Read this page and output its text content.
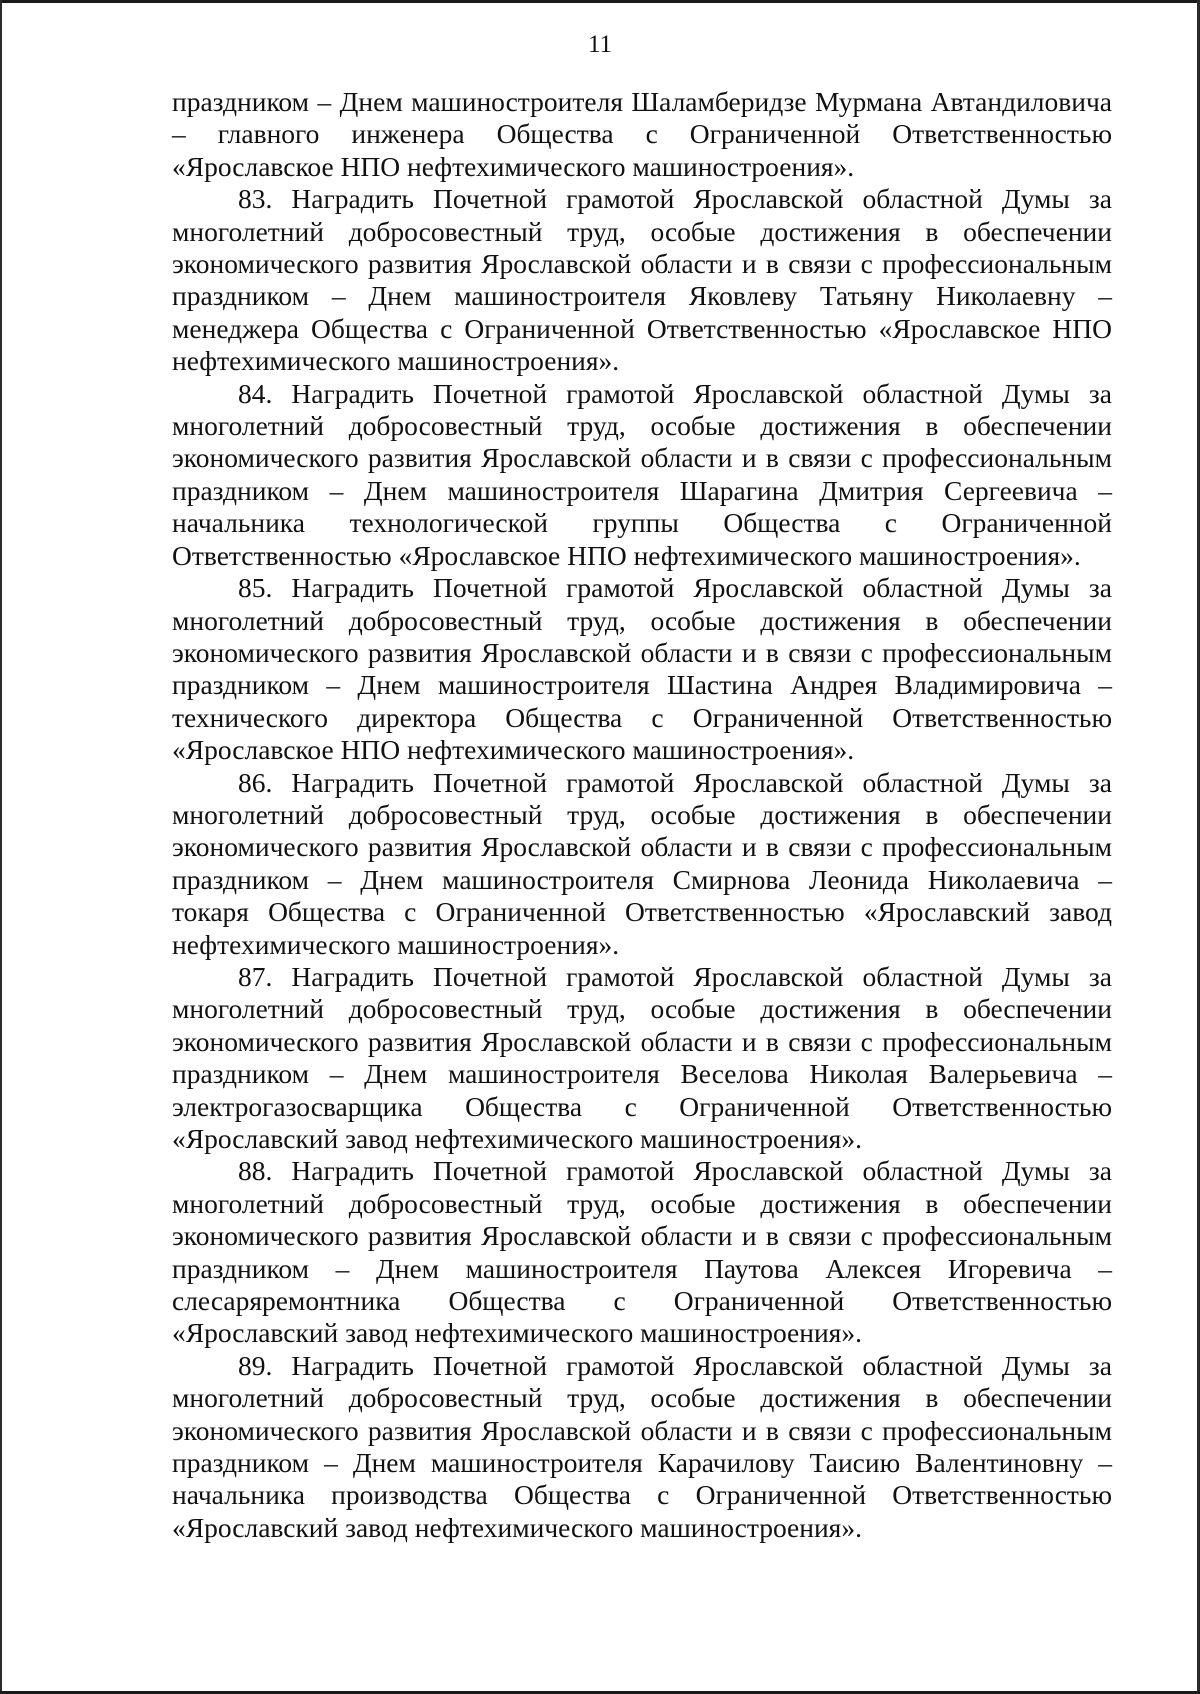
11

праздником – Днем машиностроителя Шаламберидзе Мурмана Автандиловича – главного инженера Общества с Ограниченной Ответственностью «Ярославское НПО нефтехимического машиностроения».

83. Наградить Почетной грамотой Ярославской областной Думы за многолетний добросовестный труд, особые достижения в обеспечении экономического развития Ярославской области и в связи с профессиональным праздником – Днем машиностроителя Яковлеву Татьяну Николаевну – менеджера Общества с Ограниченной Ответственностью «Ярославское НПО нефтехимического машиностроения».

84. Наградить Почетной грамотой Ярославской областной Думы за многолетний добросовестный труд, особые достижения в обеспечении экономического развития Ярославской области и в связи с профессиональным праздником – Днем машиностроителя Шарагина Дмитрия Сергеевича – начальника технологической группы Общества с Ограниченной Ответственностью «Ярославское НПО нефтехимического машиностроения».

85. Наградить Почетной грамотой Ярославской областной Думы за многолетний добросовестный труд, особые достижения в обеспечении экономического развития Ярославской области и в связи с профессиональным праздником – Днем машиностроителя Шастина Андрея Владимировича – технического директора Общества с Ограниченной Ответственностью «Ярославское НПО нефтехимического машиностроения».

86. Наградить Почетной грамотой Ярославской областной Думы за многолетний добросовестный труд, особые достижения в обеспечении экономического развития Ярославской области и в связи с профессиональным праздником – Днем машиностроителя Смирнова Леонида Николаевича – токаря Общества с Ограниченной Ответственностью «Ярославский завод нефтехимического машиностроения».

87. Наградить Почетной грамотой Ярославской областной Думы за многолетний добросовестный труд, особые достижения в обеспечении экономического развития Ярославской области и в связи с профессиональным праздником – Днем машиностроителя Веселова Николая Валерьевича – электрогазосварщика Общества с Ограниченной Ответственностью «Ярославский завод нефтехимического машиностроения».

88. Наградить Почетной грамотой Ярославской областной Думы за многолетний добросовестный труд, особые достижения в обеспечении экономического развития Ярославской области и в связи с профессиональным праздником – Днем машиностроителя Паутова Алексея Игоревича – слесаряремонтника Общества с Ограниченной Ответственностью «Ярославский завод нефтехимического машиностроения».

89. Наградить Почетной грамотой Ярославской областной Думы за многолетний добросовестный труд, особые достижения в обеспечении экономического развития Ярославской области и в связи с профессиональным праздником – Днем машиностроителя Карачилову Таисию Валентиновну – начальника производства Общества с Ограниченной Ответственностью «Ярославский завод нефтехимического машиностроения».
